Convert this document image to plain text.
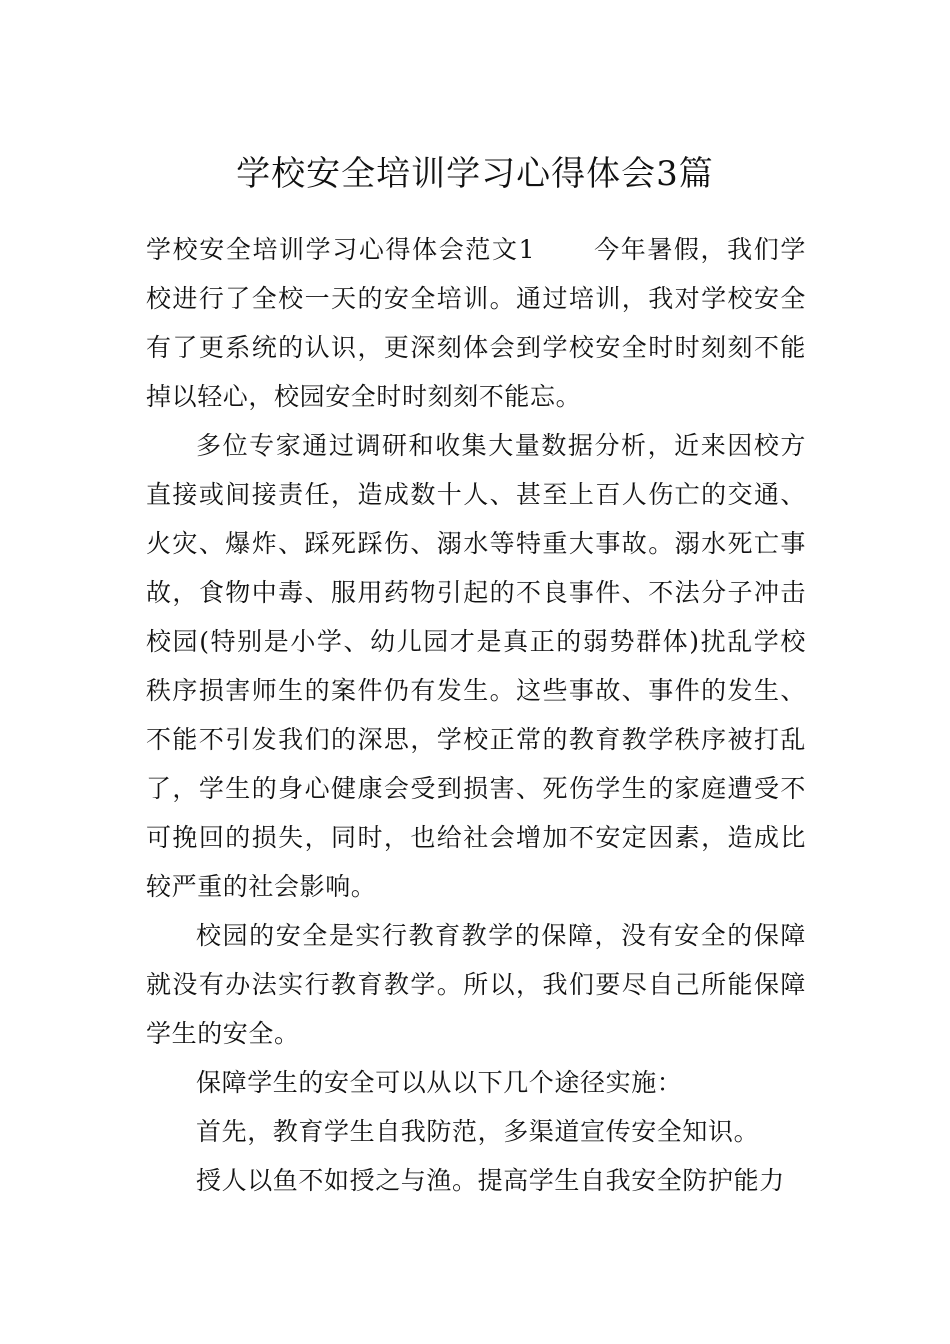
学校安全培训学习心得体会3篇

学校安全培训学习心得体会范文1 今年暑假，我们学校进行了全校一天的安全培训。通过培训，我对学校安全有了更系统的认识，更深刻体会到学校安全时时刻刻不能掉以轻心，校园安全时时刻刻不能忘。

多位专家通过调研和收集大量数据分析，近来因校方直接或间接责任，造成数十人、甚至上百人伤亡的交通、火灾、爆炸、踩死踩伤、溺水等特重大事故。溺水死亡事故，食物中毒、服用药物引起的不良事件、不法分子冲击校园(特别是小学、幼儿园才是真正的弱势群体)扰乱学校秩序损害师生的案件仍有发生。这些事故、事件的发生、不能不引发我们的深思，学校正常的教育教学秩序被打乱了，学生的身心健康会受到损害、死伤学生的家庭遭受不可挽回的损失，同时，也给社会增加不安定因素，造成比较严重的社会影响。

校园的安全是实行教育教学的保障，没有安全的保障就没有办法实行教育教学。所以，我们要尽自己所能保障学生的安全。

保障学生的安全可以从以下几个途径实施：

首先，教育学生自我防范，多渠道宣传安全知识。

授人以鱼不如授之与渔。提高学生自我安全防护能力
